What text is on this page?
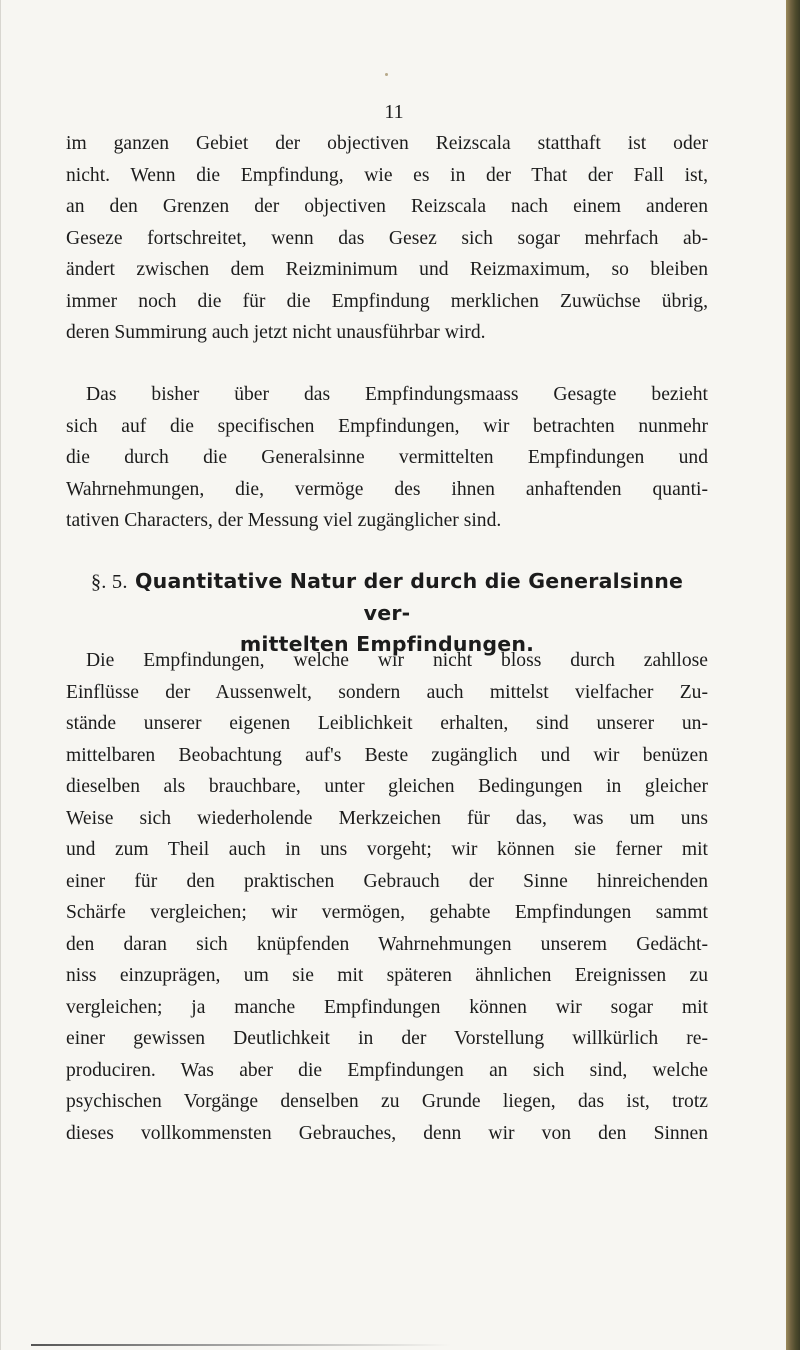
11
im ganzen Gebiet der objectiven Reizscala statthaft ist oder
nicht. Wenn die Empfindung, wie es in der That der Fall ist,
an den Grenzen der objectiven Reizscala nach einem anderen
Geseze fortschreitet, wenn das Gesez sich sogar mehrfach ab-
ändert zwischen dem Reizminimum und Reizmaximum, so bleiben
immer noch die für die Empfindung merklichen Zuwüchse übrig,
deren Summirung auch jetzt nicht unausführbar wird.
Das bisher über das Empfindungsmaass Gesagte bezieht
sich auf die specifischen Empfindungen, wir betrachten nunmehr
die durch die Generalsinne vermittelten Empfindungen und
Wahrnehmungen, die, vermöge des ihnen anhaftenden quanti-
tativen Characters, der Messung viel zugänglicher sind.
§. 5. Quantitative Natur der durch die Generalsinne ver-
mittelten Empfindungen.
Die Empfindungen, welche wir nicht bloss durch zahllose
Einflüsse der Aussenwelt, sondern auch mittelst vielfacher Zu-
stände unserer eigenen Leiblichkeit erhalten, sind unserer un-
mittelbaren Beobachtung auf's Beste zugänglich und wir benüzen
dieselben als brauchbare, unter gleichen Bedingungen in gleicher
Weise sich wiederholende Merkzeichen für das, was um uns
und zum Theil auch in uns vorgeht; wir können sie ferner mit
einer für den praktischen Gebrauch der Sinne hinreichenden
Schärfe vergleichen; wir vermögen, gehabte Empfindungen sammt
den daran sich knüpfenden Wahrnehmungen unserem Gedächt-
niss einzuprägen, um sie mit späteren ähnlichen Ereignissen zu
vergleichen; ja manche Empfindungen können wir sogar mit
einer gewissen Deutlichkeit in der Vorstellung willkürlich re-
produciren. Was aber die Empfindungen an sich sind, welche
psychischen Vorgänge denselben zu Grunde liegen, das ist, trotz
dieses vollkommensten Gebrauches, denn wir von den Sinnen
